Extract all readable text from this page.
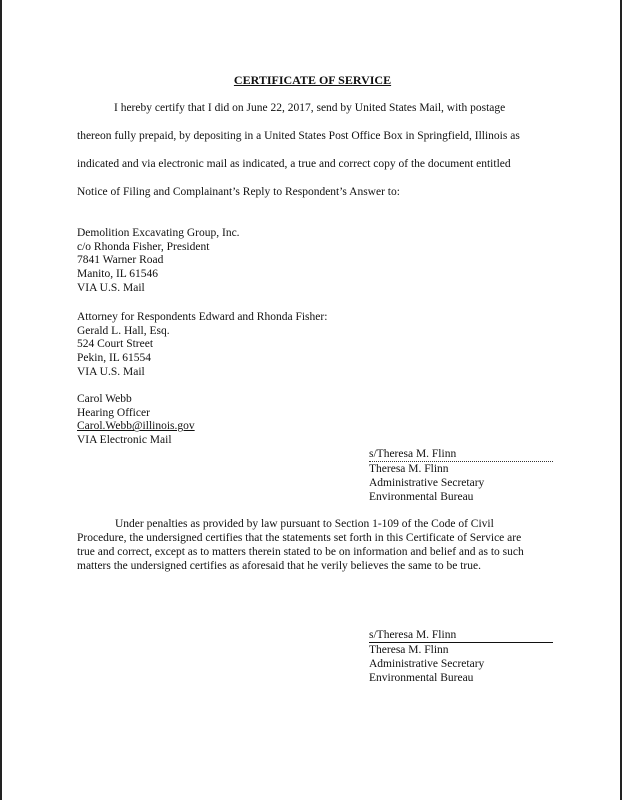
CERTIFICATE OF SERVICE
I hereby certify that I did on June 22, 2017, send by United States Mail, with postage
thereon fully prepaid, by depositing in a United States Post Office Box in Springfield, Illinois as
indicated and via electronic mail as indicated, a true and correct copy of the document entitled
Notice of Filing and Complainant’s Reply to Respondent’s Answer to:
Demolition Excavating Group, Inc.
c/o Rhonda Fisher, President
7841 Warner Road
Manito, IL 61546
VIA U.S. Mail
Attorney for Respondents Edward and Rhonda Fisher:
Gerald L. Hall, Esq.
524 Court Street
Pekin, IL 61554
VIA U.S. Mail
Carol Webb
Hearing Officer
Carol.Webb@illinois.gov
VIA Electronic Mail
s/Theresa M. Flinn
Theresa M. Flinn
Administrative Secretary
Environmental Bureau
Under penalties as provided by law pursuant to Section 1-109 of the Code of Civil
Procedure, the undersigned certifies that the statements set forth in this Certificate of Service are
true and correct, except as to matters therein stated to be on information and belief and as to such
matters the undersigned certifies as aforesaid that he verily believes the same to be true.
s/Theresa M. Flinn
Theresa M. Flinn
Administrative Secretary
Environmental Bureau
